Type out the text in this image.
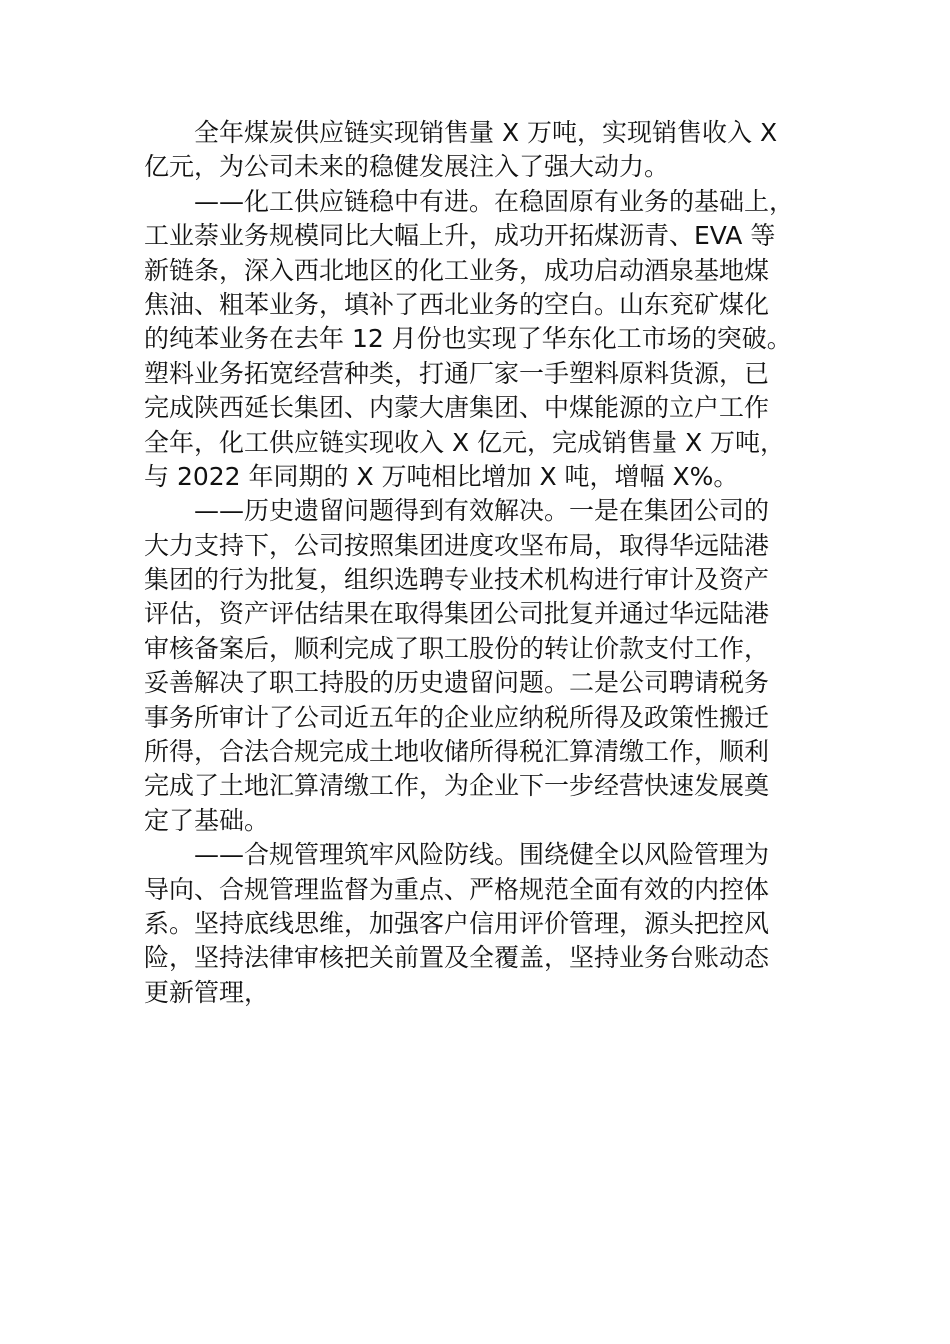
全年煤炭供应链实现销售量 X 万吨，实现销售收入 X
亿元，为公司未来的稳健发展注入了强大动力。
——化工供应链稳中有进。在稳固原有业务的基础上，
工业萘业务规模同比大幅上升，成功开拓煤沥青、EVA 等
新链条，深入西北地区的化工业务，成功启动酒泉基地煤
焦油、粗苯业务，填补了西北业务的空白。山东兖矿煤化
的纯苯业务在去年 12 月份也实现了华东化工市场的突破。
塑料业务拓宽经营种类，打通厂家一手塑料原料货源，已
完成陕西延长集团、内蒙大唐集团、中煤能源的立户工作
全年，化工供应链实现收入 X 亿元，完成销售量 X 万吨，
与 2022 年同期的 X 万吨相比增加 X 吨，增幅 X%。
——历史遗留问题得到有效解决。一是在集团公司的
大力支持下，公司按照集团进度攻坚布局，取得华远陆港
集团的行为批复，组织选聘专业技术机构进行审计及资产
评估，资产评估结果在取得集团公司批复并通过华远陆港
审核备案后，顺利完成了职工股份的转让价款支付工作，
妥善解决了职工持股的历史遗留问题。二是公司聘请税务
事务所审计了公司近五年的企业应纳税所得及政策性搬迁
所得，合法合规完成土地收储所得税汇算清缴工作，顺利
完成了土地汇算清缴工作，为企业下一步经营快速发展奠
定了基础。
——合规管理筑牢风险防线。围绕健全以风险管理为
导向、合规管理监督为重点、严格规范全面有效的内控体
系。坚持底线思维，加强客户信用评价管理，源头把控风
险，坚持法律审核把关前置及全覆盖，坚持业务台账动态
更新管理，
